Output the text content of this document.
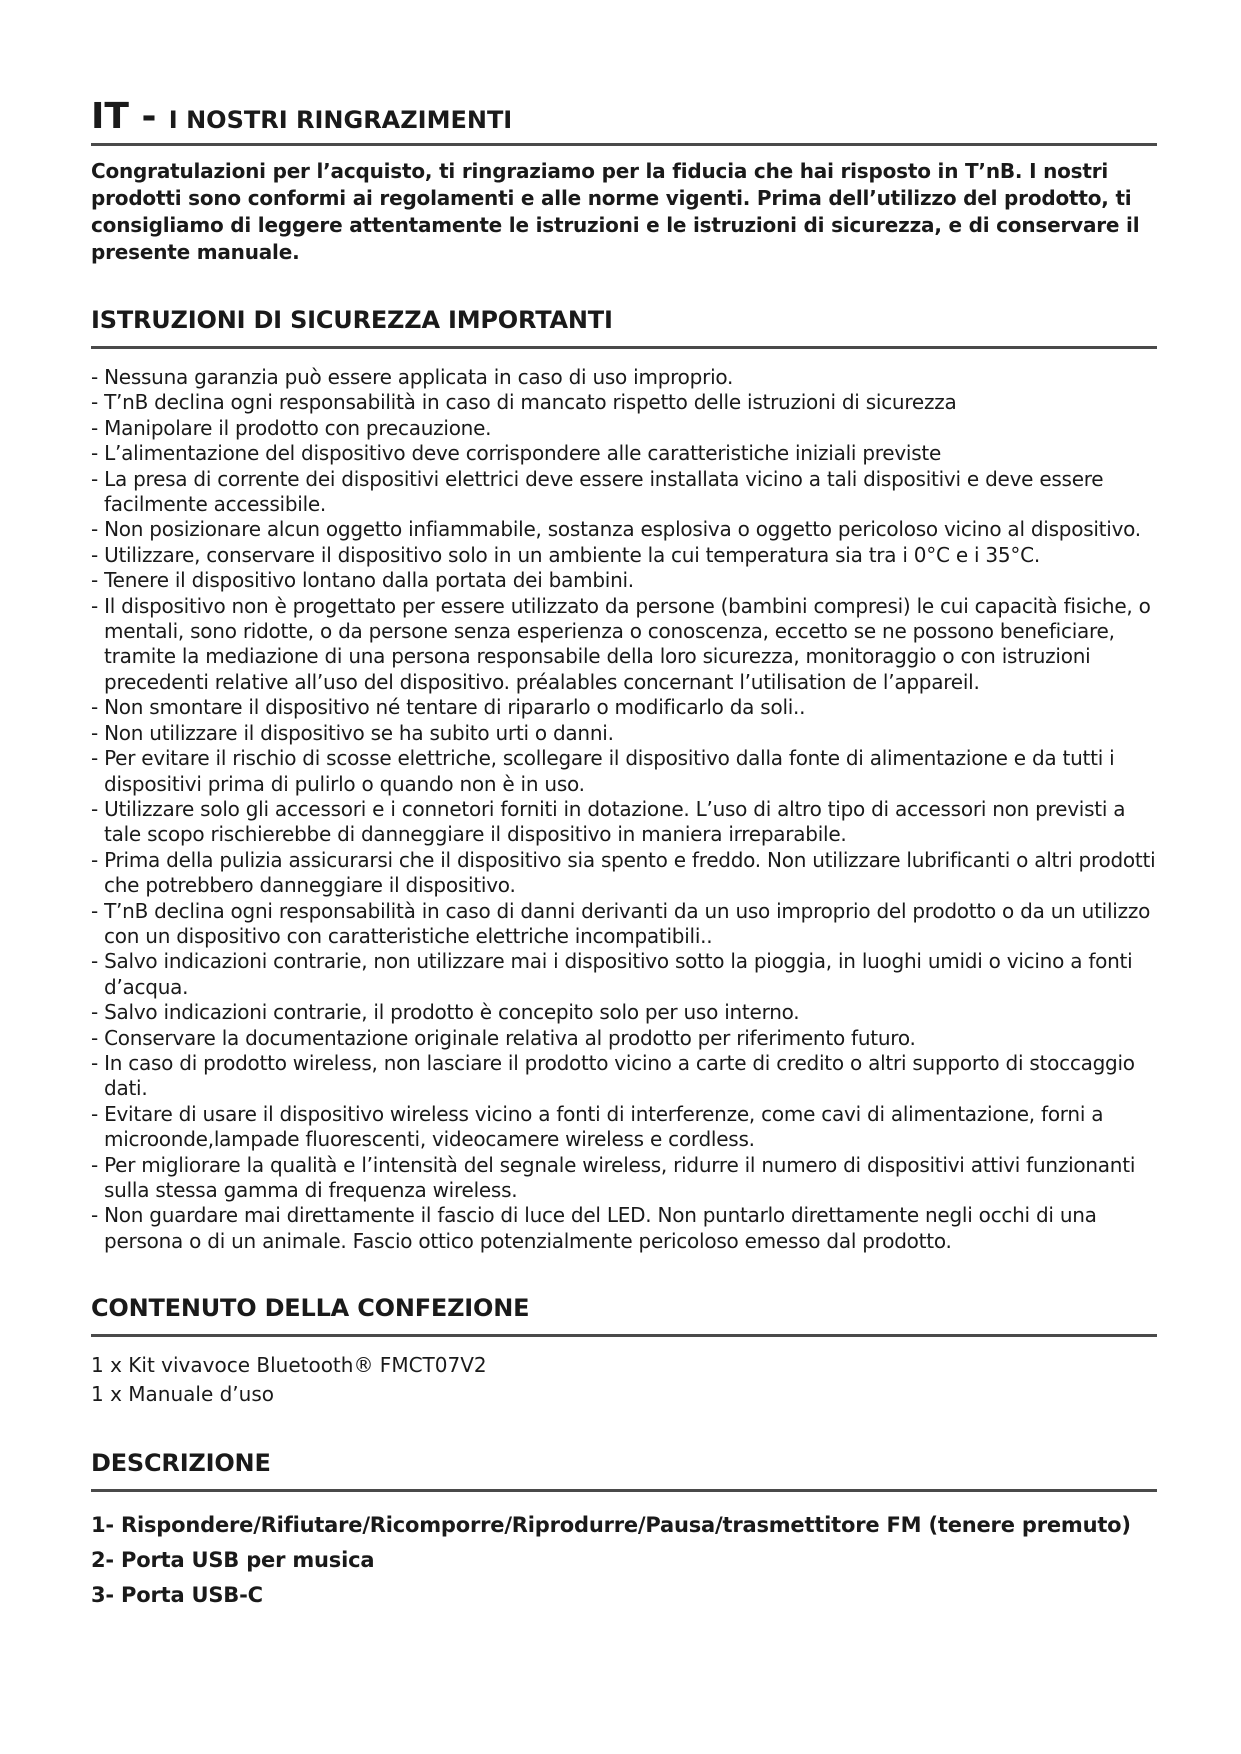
IT - I NOSTRI RINGRAZIMENTI

Congratulazioni per l’acquisto, ti ringraziamo per la fiducia che hai risposto in T’nB. I nostri prodotti sono conformi ai regolamenti e alle norme vigenti. Prima dell’utilizzo del prodotto, ti consigliamo di leggere attentamente le istruzioni e le istruzioni di sicurezza, e di conservare il presente manuale.

ISTRUZIONI DI SICUREZZA IMPORTANTI
- Nessuna garanzia può essere applicata in caso di uso improprio.
- T’nB declina ogni responsabilità in caso di mancato rispetto delle istruzioni di sicurezza
- Manipolare il prodotto con precauzione.
- L’alimentazione del dispositivo deve corrispondere alle caratteristiche iniziali previste
- La presa di corrente dei dispositivi elettrici deve essere installata vicino a tali dispositivi e deve essere facilmente accessibile.
- Non posizionare alcun oggetto infiammabile, sostanza esplosiva o oggetto pericoloso vicino al dispositivo.
- Utilizzare, conservare il dispositivo solo in un ambiente la cui temperatura sia tra i 0°C e i 35°C.
- Tenere il dispositivo lontano dalla portata dei bambini.
- Il dispositivo non è progettato per essere utilizzato da persone (bambini compresi) le cui capacità fisiche, o mentali, sono ridotte, o da persone senza esperienza o conoscenza, eccetto se ne possono beneficiare, tramite la mediazione di una persona responsabile della loro sicurezza, monitoraggio o con istruzioni precedenti relative all’uso del dispositivo. préalables concernant l’utilisation de l’appareil.
- Non smontare il dispositivo né tentare di ripararlo o modificarlo da soli..
- Non utilizzare il dispositivo se ha subito urti o danni.
- Per evitare il rischio di scosse elettriche, scollegare il dispositivo dalla fonte di alimentazione e da tutti i dispositivi prima di pulirlo o quando non è in uso.
- Utilizzare solo gli accessori e i connetori forniti in dotazione. L’uso di altro tipo di accessori non previsti a tale scopo rischierebbe di danneggiare il dispositivo in maniera irreparabile.
- Prima della pulizia assicurarsi che il dispositivo sia spento e freddo. Non utilizzare lubrificanti o altri prodotti che potrebbero danneggiare il dispositivo.
- T’nB declina ogni responsabilità in caso di danni derivanti da un uso improprio del prodotto o da un utilizzo con un dispositivo con caratteristiche elettriche incompatibili..
- Salvo indicazioni contrarie, non utilizzare mai i dispositivo sotto la pioggia, in luoghi umidi o vicino a fonti d’acqua.
- Salvo indicazioni contrarie, il prodotto è concepito solo per uso interno.
- Conservare la documentazione originale relativa al prodotto per riferimento futuro.
- In caso di prodotto wireless, non lasciare il prodotto vicino a carte di credito o altri supporto di stoccaggio dati.
- Evitare di usare il dispositivo wireless vicino a fonti di interferenze, come cavi di alimentazione, forni a microonde,lampade fluorescenti, videocamere wireless e cordless.
- Per migliorare la qualità e l’intensità del segnale wireless, ridurre il numero di dispositivi attivi funzionanti sulla stessa gamma di frequenza wireless.
- Non guardare mai direttamente il fascio di luce del LED. Non puntarlo direttamente negli occhi di una persona o di un animale. Fascio ottico potenzialmente pericoloso emesso dal prodotto.
CONTENUTO DELLA CONFEZIONE
1 x Kit vivavoce Bluetooth® FMCT07V2
1 x Manuale d’uso
DESCRIZIONE
1- Rispondere/Rifiutare/Ricomporre/Riprodurre/Pausa/trasmettitore FM (tenere premuto)
2- Porta USB per musica
3- Porta USB-C
